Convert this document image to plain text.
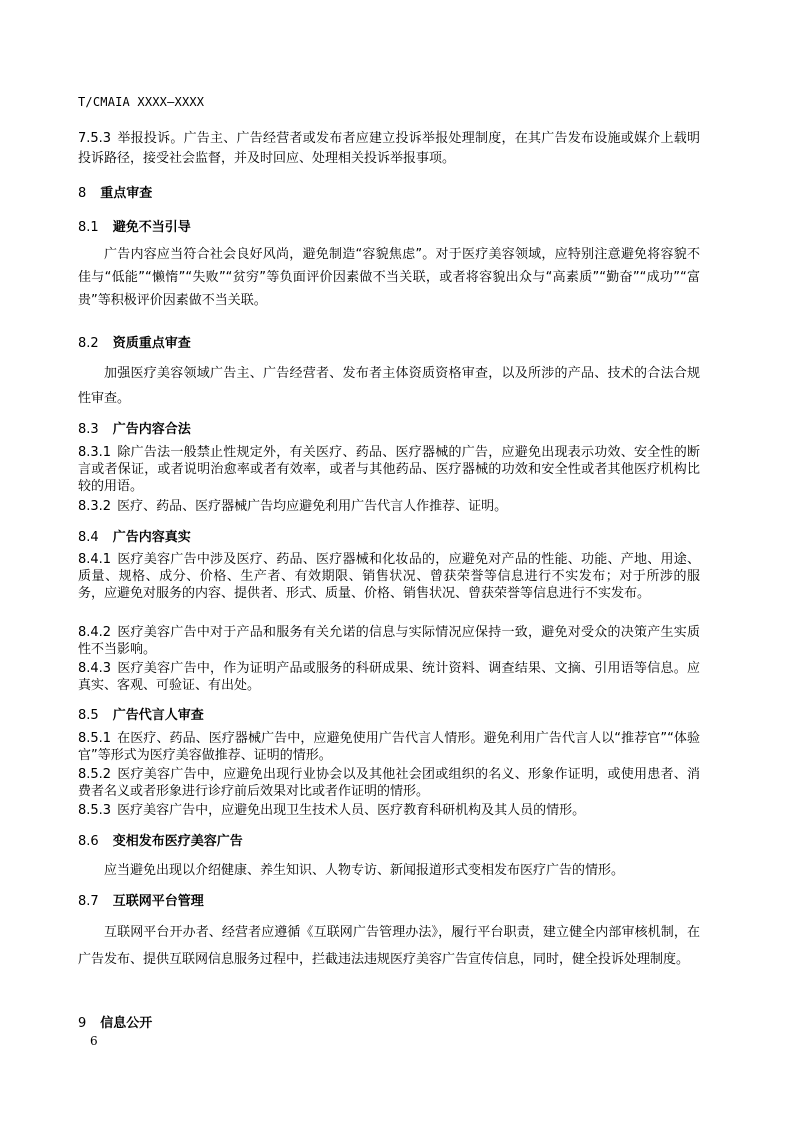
T/CMAIA XXXX—XXXX

7.5.3 举报投诉。广告主、广告经营者或发布者应建立投诉举报处理制度，在其广告发布设施或媒介上载明投诉路径，接受社会监督，并及时回应、处理相关投诉举报事项。

8 重点审查
8.1 避免不当引导

广告内容应当符合社会良好风尚，避免制造“容貌焦虑”。对于医疗美容领域，应特别注意避免将容貌不佳与“低能”“懒惰”“失败”“贫穷”等负面评价因素做不当关联，或者将容貌出众与“高素质”“勤奋”“成功”“富贵”等积极评价因素做不当关联。

8.2 资质重点审查

加强医疗美容领域广告主、广告经营者、发布者主体资质资格审查，以及所涉的产品、技术的合法合规性审查。

8.3 广告内容合法

8.3.1 除广告法一般禁止性规定外，有关医疗、药品、医疗器械的广告，应避免出现表示功效、安全性的断言或者保证，或者说明治愈率或者有效率，或者与其他药品、医疗器械的功效和安全性或者其他医疗机构比较的用语。

8.3.2 医疗、药品、医疗器械广告均应避免利用广告代言人作推荐、证明。

8.4 广告内容真实

8.4.1 医疗美容广告中涉及医疗、药品、医疗器械和化妆品的，应避免对产品的性能、功能、产地、用途、质量、规格、成分、价格、生产者、有效期限、销售状况、曾获荣誉等信息进行不实发布；对于所涉的服务，应避免对服务的内容、提供者、形式、质量、价格、销售状况、曾获荣誉等信息进行不实发布。

8.4.2 医疗美容广告中对于产品和服务有关允诺的信息与实际情况应保持一致，避免对受众的决策产生实质性不当影响。

8.4.3 医疗美容广告中，作为证明产品或服务的科研成果、统计资料、调查结果、文摘、引用语等信息。应真实、客观、可验证、有出处。

8.5 广告代言人审查

8.5.1 在医疗、药品、医疗器械广告中，应避免使用广告代言人情形。避免利用广告代言人以“推荐官”“体验官”等形式为医疗美容做推荐、证明的情形。

8.5.2 医疗美容广告中，应避免出现行业协会以及其他社会团或组织的名义、形象作证明，或使用患者、消费者名义或者形象进行诊疗前后效果对比或者作证明的情形。

8.5.3 医疗美容广告中，应避免出现卫生技术人员、医疗教育科研机构及其人员的情形。

8.6 变相发布医疗美容广告

应当避免出现以介绍健康、养生知识、人物专访、新闻报道形式变相发布医疗广告的情形。

8.7 互联网平台管理

互联网平台开办者、经营者应遵循《互联网广告管理办法》，履行平台职责，建立健全内部审核机制，在广告发布、提供互联网信息服务过程中，拦截违法违规医疗美容广告宣传信息，同时，健全投诉处理制度。

9 信息公开
6
